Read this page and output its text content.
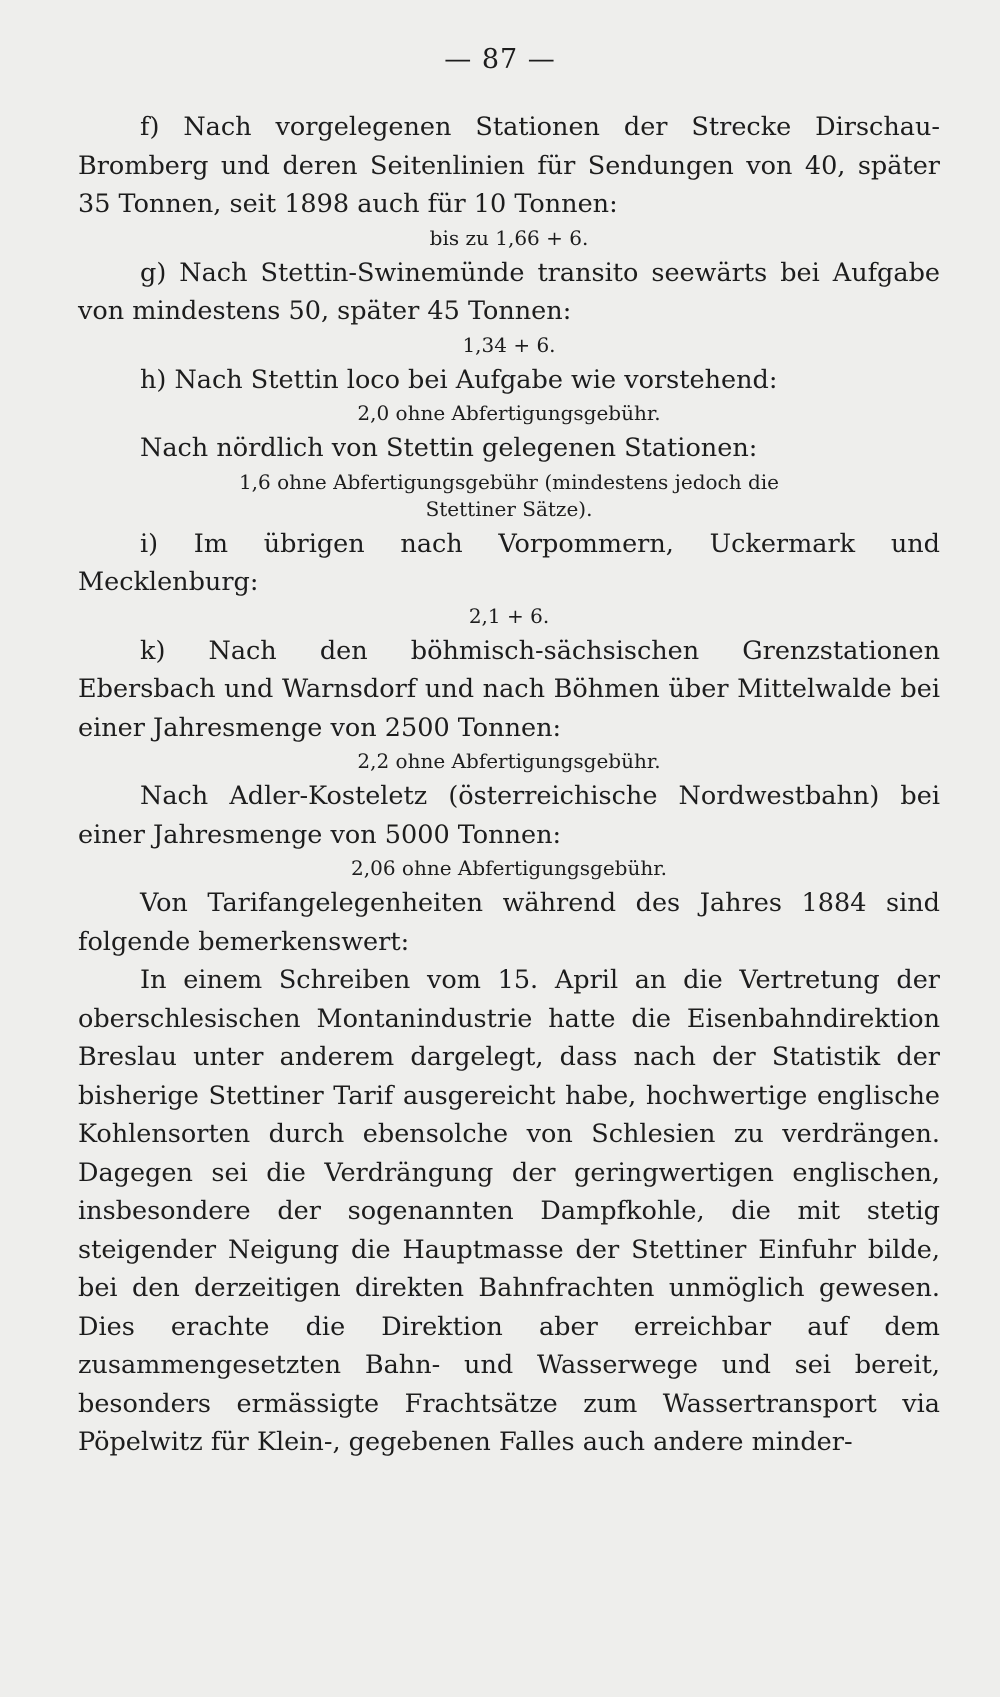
— 87 —

f) Nach vorgelegenen Stationen der Strecke Dirschau-Bromberg und deren Seitenlinien für Sendungen von 40, später 35 Tonnen, seit 1898 auch für 10 Tonnen:

bis zu 1,66 + 6.

g) Nach Stettin-Swinemünde transito seewärts bei Aufgabe von mindestens 50, später 45 Tonnen:

1,34 + 6.

h) Nach Stettin loco bei Aufgabe wie vorstehend:

2,0 ohne Abfertigungsgebühr.

Nach nördlich von Stettin gelegenen Stationen:

1,6 ohne Abfertigungsgebühr (mindestens jedoch die Stettiner Sätze).

i) Im übrigen nach Vorpommern, Uckermark und Mecklenburg:

2,1 + 6.

k) Nach den böhmisch-sächsischen Grenzstationen Ebersbach und Warnsdorf und nach Böhmen über Mittelwalde bei einer Jahresmenge von 2500 Tonnen:

2,2 ohne Abfertigungsgebühr.

Nach Adler-Kosteletz (österreichische Nordwestbahn) bei einer Jahresmenge von 5000 Tonnen:

2,06 ohne Abfertigungsgebühr.

Von Tarifangelegenheiten während des Jahres 1884 sind folgende bemerkenswert:

In einem Schreiben vom 15. April an die Vertretung der oberschlesischen Montanindustrie hatte die Eisenbahndirektion Breslau unter anderem dargelegt, dass nach der Statistik der bisherige Stettiner Tarif ausgereicht habe, hochwertige englische Kohlensorten durch ebensolche von Schlesien zu verdrängen. Dagegen sei die Verdrängung der geringwertigen englischen, insbesondere der sogenannten Dampfkohle, die mit stetig steigender Neigung die Hauptmasse der Stettiner Einfuhr bilde, bei den derzeitigen direkten Bahnfrachten unmöglich gewesen. Dies erachte die Direktion aber erreichbar auf dem zusammengesetzten Bahn- und Wasserwege und sei bereit, besonders ermässigte Frachtsätze zum Wassertransport via Pöpelwitz für Klein-, gegebenen Falles auch andere minder-
